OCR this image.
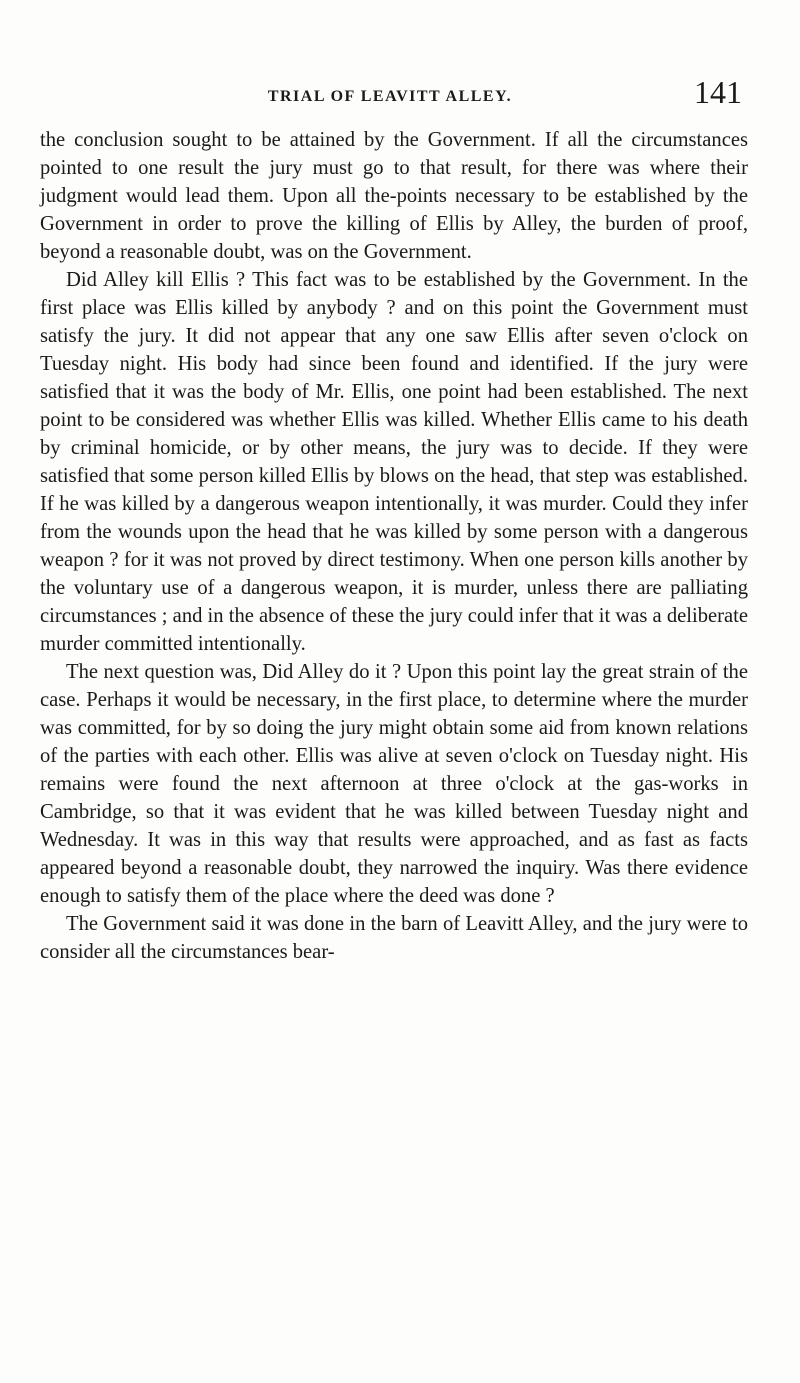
TRIAL OF LEAVITT ALLEY.	141

the conclusion sought to be attained by the Government. If all the circumstances pointed to one result the jury must go to that result, for there was where their judgment would lead them. Upon all the-points necessary to be established by the Government in order to prove the killing of Ellis by Alley, the burden of proof, beyond a reasonable doubt, was on the Government.

Did Alley kill Ellis ? This fact was to be established by the Government. In the first place was Ellis killed by anybody ? and on this point the Government must satisfy the jury. It did not appear that any one saw Ellis after seven o'clock on Tuesday night. His body had since been found and identified. If the jury were satisfied that it was the body of Mr. Ellis, one point had been established. The next point to be considered was whether Ellis was killed. Whether Ellis came to his death by criminal homicide, or by other means, the jury was to decide. If they were satisfied that some person killed Ellis by blows on the head, that step was established. If he was killed by a dangerous weapon intentionally, it was murder. Could they infer from the wounds upon the head that he was killed by some person with a dangerous weapon ? for it was not proved by direct testimony. When one person kills another by the voluntary use of a dangerous weapon, it is murder, unless there are palliating circumstances ; and in the absence of these the jury could infer that it was a deliberate murder committed intentionally.

The next question was, Did Alley do it ? Upon this point lay the great strain of the case. Perhaps it would be necessary, in the first place, to determine where the murder was committed, for by so doing the jury might obtain some aid from known relations of the parties with each other. Ellis was alive at seven o'clock on Tuesday night. His remains were found the next afternoon at three o'clock at the gas-works in Cambridge, so that it was evident that he was killed between Tuesday night and Wednesday. It was in this way that results were approached, and as fast as facts appeared beyond a reasonable doubt, they narrowed the inquiry. Was there evidence enough to satisfy them of the place where the deed was done ?

The Government said it was done in the barn of Leavitt Alley, and the jury were to consider all the circumstances bear-
